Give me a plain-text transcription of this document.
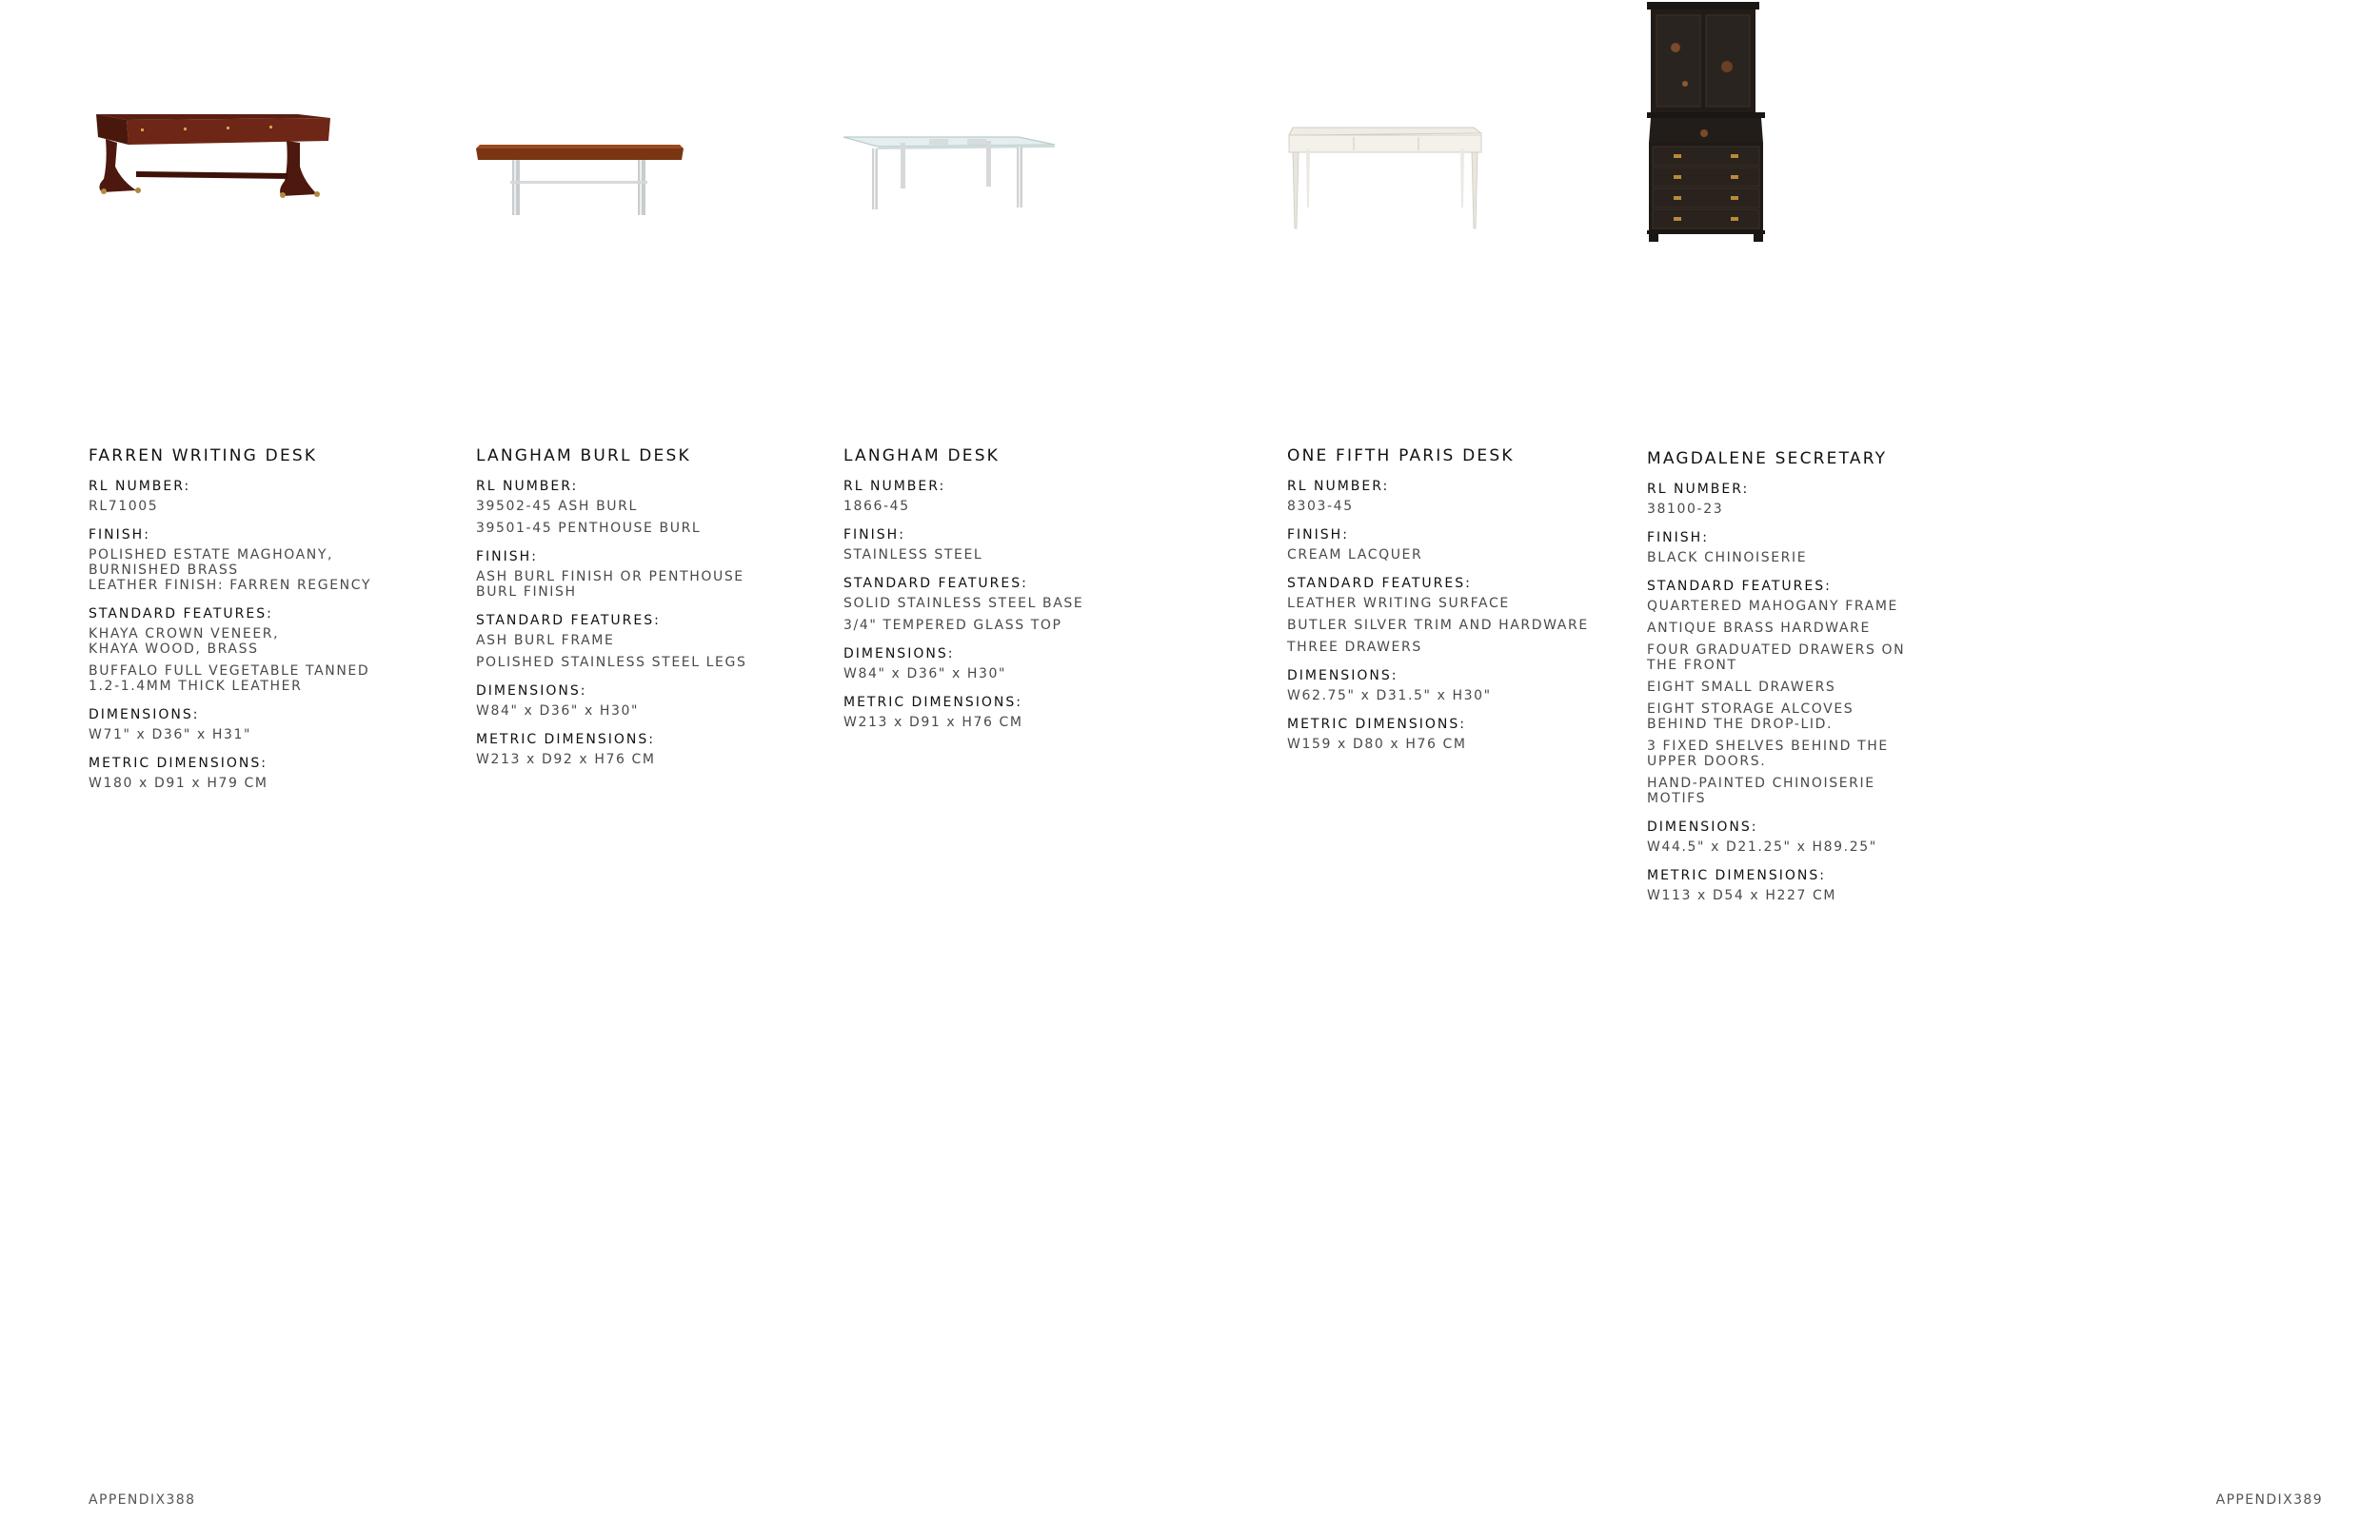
FARREN WRITING DESK
RL NUMBER:
RL71005
FINISH:
POLISHED ESTATE MAGHOANY,
BURNISHED BRASS
LEATHER FINISH: FARREN REGENCY
STANDARD FEATURES:
KHAYA CROWN VENEER,
KHAYA WOOD, BRASS
BUFFALO FULL VEGETABLE TANNED
1.2-1.4MM THICK LEATHER
DIMENSIONS:
W71" x D36" x H31"
METRIC DIMENSIONS:
W180 x D91 x H79 CM
LANGHAM BURL DESK
RL NUMBER:
39502-45 ASH BURL
39501-45 PENTHOUSE BURL
FINISH:
ASH BURL FINISH OR PENTHOUSE
BURL FINISH
STANDARD FEATURES:
ASH BURL FRAME
POLISHED STAINLESS STEEL LEGS
DIMENSIONS:
W84" x D36" x H30"
METRIC DIMENSIONS:
W213 x D92 x H76 CM
LANGHAM DESK
RL NUMBER:
1866-45
FINISH:
STAINLESS STEEL
STANDARD FEATURES:
SOLID STAINLESS STEEL BASE
3/4" TEMPERED GLASS TOP
DIMENSIONS:
W84" x D36" x H30"
METRIC DIMENSIONS:
W213 x D91 x H76 CM
ONE FIFTH PARIS DESK
RL NUMBER:
8303-45
FINISH:
CREAM LACQUER
STANDARD FEATURES:
LEATHER WRITING SURFACE
BUTLER SILVER TRIM AND HARDWARE
THREE DRAWERS
DIMENSIONS:
W62.75" x D31.5" x H30"
METRIC DIMENSIONS:
W159 x D80 x H76 CM
MAGDALENE SECRETARY
RL NUMBER:
38100-23
FINISH:
BLACK CHINOISERIE
STANDARD FEATURES:
QUARTERED MAHOGANY FRAME
ANTIQUE BRASS HARDWARE
FOUR GRADUATED DRAWERS ON
THE FRONT
EIGHT SMALL DRAWERS
EIGHT STORAGE ALCOVES
BEHIND THE DROP-LID.
3 FIXED SHELVES BEHIND THE
UPPER DOORS.
HAND-PAINTED CHINOISERIE
MOTIFS
DIMENSIONS:
W44.5" x D21.25" x H89.25"
METRIC DIMENSIONS:
W113 x D54 x H227 CM
APPENDIX388	APPENDIX389
